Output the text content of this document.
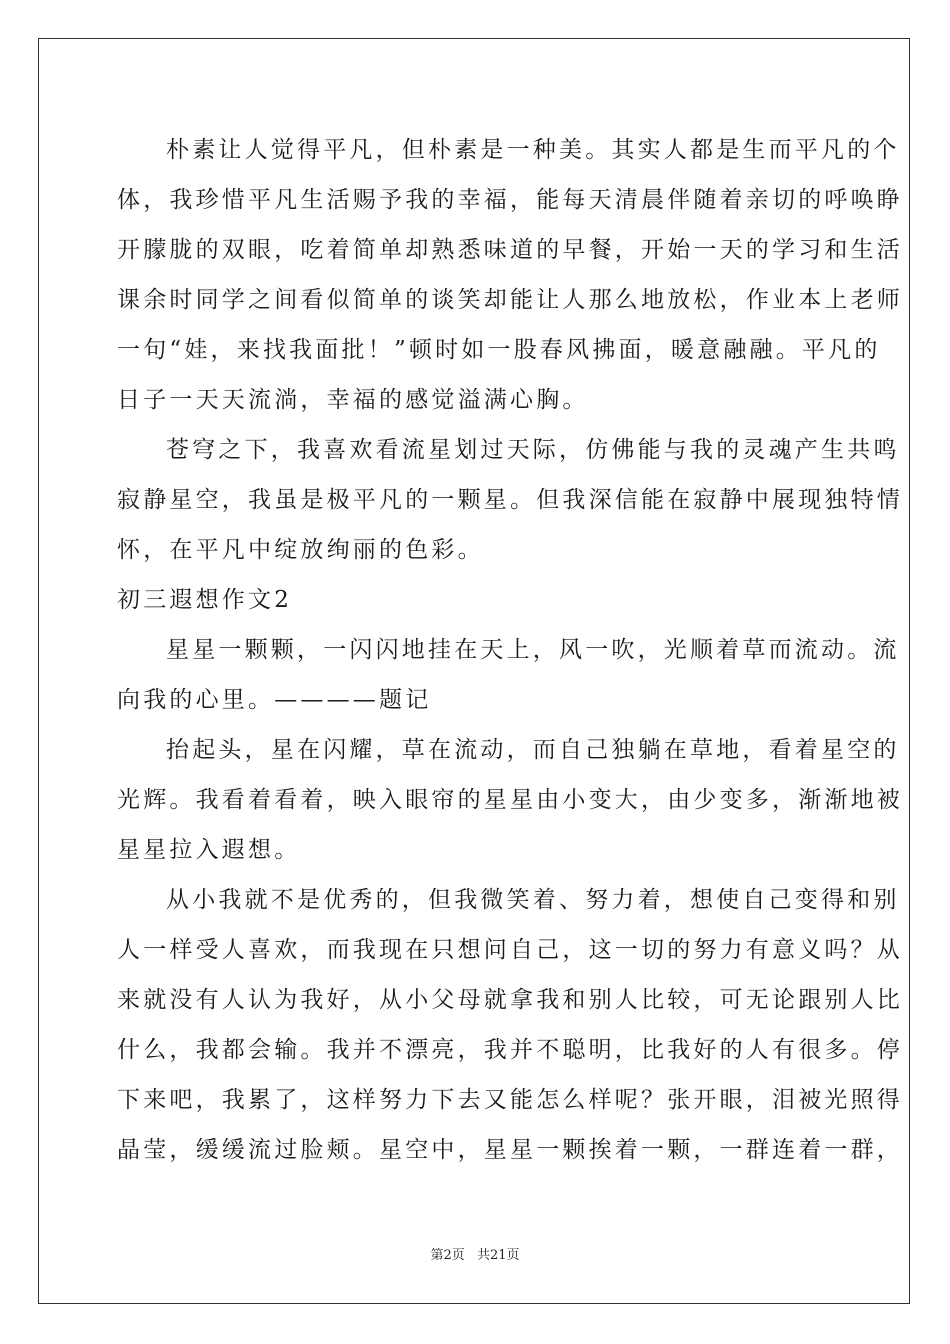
朴素让人觉得平凡，但朴素是一种美。其实人都是生而平凡的个
体，我珍惜平凡生活赐予我的幸福，能每天清晨伴随着亲切的呼唤睁
开朦胧的双眼，吃着简单却熟悉味道的早餐，开始一天的学习和生活
课余时同学之间看似简单的谈笑却能让人那么地放松，作业本上老师
一句“娃，来找我面批！”顿时如一股春风拂面，暖意融融。平凡的
日子一天天流淌，幸福的感觉溢满心胸。
苍穹之下，我喜欢看流星划过天际，仿佛能与我的灵魂产生共鸣
寂静星空，我虽是极平凡的一颗星。但我深信能在寂静中展现独特情
怀，在平凡中绽放绚丽的色彩。
初三遐想作文2
星星一颗颗，一闪闪地挂在天上，风一吹，光顺着草而流动。流
向我的心里。————题记
抬起头，星在闪耀，草在流动，而自己独躺在草地，看着星空的
光辉。我看着看着，映入眼帘的星星由小变大，由少变多，渐渐地被
星星拉入遐想。
从小我就不是优秀的，但我微笑着、努力着，想使自己变得和别
人一样受人喜欢，而我现在只想问自己，这一切的努力有意义吗？从
来就没有人认为我好，从小父母就拿我和别人比较，可无论跟别人比
什么，我都会输。我并不漂亮，我并不聪明，比我好的人有很多。停
下来吧，我累了，这样努力下去又能怎么样呢？张开眼，泪被光照得
晶莹，缓缓流过脸颊。星空中，星星一颗挨着一颗，一群连着一群，
第2页 共21页
